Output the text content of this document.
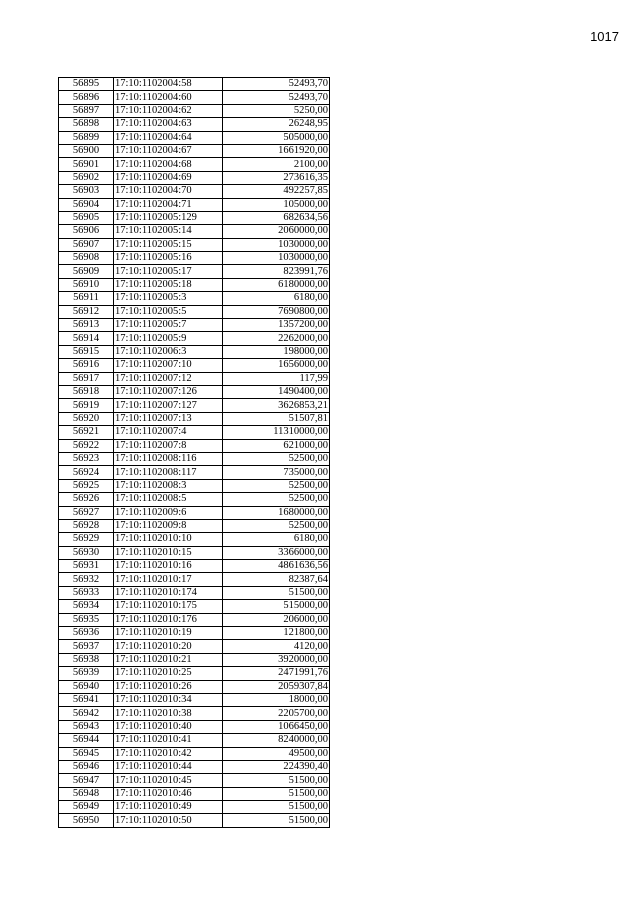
1017
56895	17:10:1102004:58	52493,70
56896	17:10:1102004:60	52493,70
56897	17:10:1102004:62	5250,00
56898	17:10:1102004:63	26248,95
56899	17:10:1102004:64	505000,00
56900	17:10:1102004:67	1661920,00
56901	17:10:1102004:68	2100,00
56902	17:10:1102004:69	273616,35
56903	17:10:1102004:70	492257,85
56904	17:10:1102004:71	105000,00
56905	17:10:1102005:129	682634,56
56906	17:10:1102005:14	2060000,00
56907	17:10:1102005:15	1030000,00
56908	17:10:1102005:16	1030000,00
56909	17:10:1102005:17	823991,76
56910	17:10:1102005:18	6180000,00
56911	17:10:1102005:3	6180,00
56912	17:10:1102005:5	7690800,00
56913	17:10:1102005:7	1357200,00
56914	17:10:1102005:9	2262000,00
56915	17:10:1102006:3	198000,00
56916	17:10:1102007:10	1656000,00
56917	17:10:1102007:12	117,99
56918	17:10:1102007:126	1490400,00
56919	17:10:1102007:127	3626853,21
56920	17:10:1102007:13	51507,81
56921	17:10:1102007:4	11310000,00
56922	17:10:1102007:8	621000,00
56923	17:10:1102008:116	52500,00
56924	17:10:1102008:117	735000,00
56925	17:10:1102008:3	52500,00
56926	17:10:1102008:5	52500,00
56927	17:10:1102009:6	1680000,00
56928	17:10:1102009:8	52500,00
56929	17:10:1102010:10	6180,00
56930	17:10:1102010:15	3366000,00
56931	17:10:1102010:16	4861636,56
56932	17:10:1102010:17	82387,64
56933	17:10:1102010:174	51500,00
56934	17:10:1102010:175	515000,00
56935	17:10:1102010:176	206000,00
56936	17:10:1102010:19	121800,00
56937	17:10:1102010:20	4120,00
56938	17:10:1102010:21	3920000,00
56939	17:10:1102010:25	2471991,76
56940	17:10:1102010:26	2059307,84
56941	17:10:1102010:34	18000,00
56942	17:10:1102010:38	2205700,00
56943	17:10:1102010:40	1066450,00
56944	17:10:1102010:41	8240000,00
56945	17:10:1102010:42	49500,00
56946	17:10:1102010:44	224390,40
56947	17:10:1102010:45	51500,00
56948	17:10:1102010:46	51500,00
56949	17:10:1102010:49	51500,00
56950	17:10:1102010:50	51500,00
